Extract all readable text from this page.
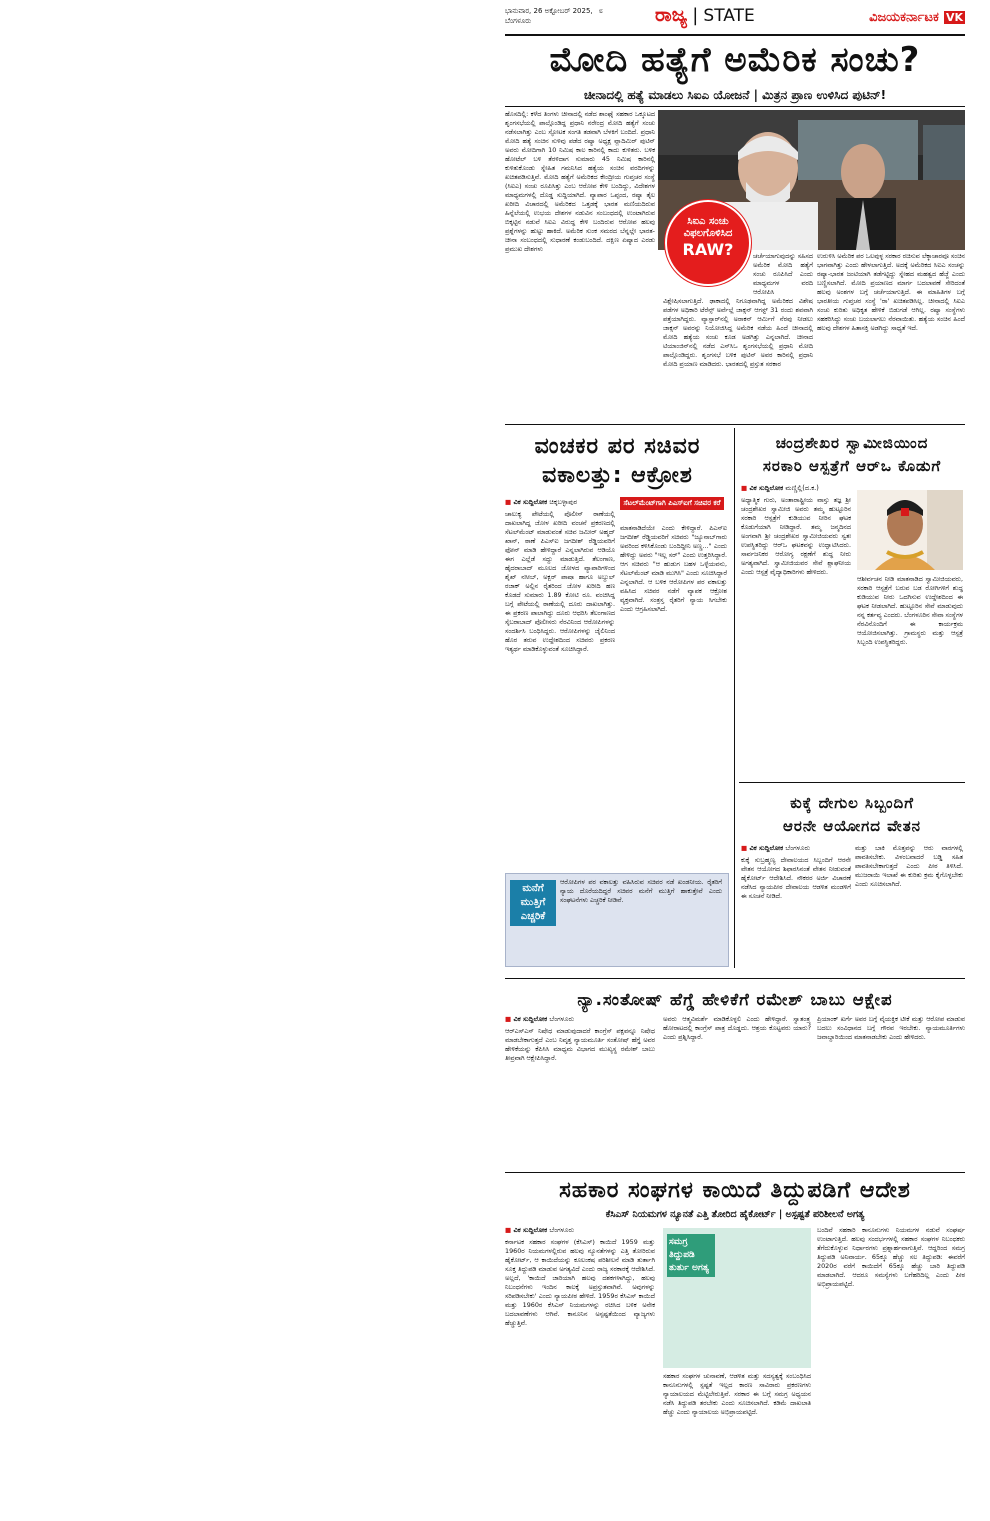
ಭಾನುವಾರ, 26 ಅಕ್ಟೋಬರ್ 2025, ೮
ಬೆಂಗಳೂರು	ರಾಜ್ಯ | STATE	ವಿಜಯಕರ್ನಾಟಕ VK
ಮೋದಿ ಹತ್ಯೆಗೆ ಅಮೆರಿಕ ಸಂಚು?
ಚೀನಾದಲ್ಲಿ ಹತ್ಯೆ ಮಾಡಲು ಸಿಐಎ ಯೋಜನೆ | ಮಿತ್ರನ ಪ್ರಾಣ ಉಳಿಸಿದ ಪುಟಿನ್!
ಹೊಸದಿಲ್ಲಿ: ಕಳೆದ ತಿಂಗಳು ಚೀನಾದಲ್ಲಿ ನಡೆದ ಶಾಂಘೈ ಸಹಕಾರ ಒಕ್ಕೂಟದ ಶೃಂಗಸಭೆಯಲ್ಲಿ ಪಾಲ್ಗೊಂಡಿದ್ದ ಪ್ರಧಾನಿ ನರೇಂದ್ರ ಮೋದಿ ಹತ್ಯೆಗೆ ಸಂಚು ನಡೆಸಲಾಗಿತ್ತು ಎಂಬ ಸ್ಫೋಟಕ ಸಂಗತಿ ತಡವಾಗಿ ಬೆಳಕಿಗೆ ಬಂದಿದೆ. ಪ್ರಧಾನಿ ಮೋದಿ ಹತ್ಯೆ ಸಂಚಿನ ಸುಳಿವು ಪಡೆದ ರಷ್ಯಾ ಅಧ್ಯಕ್ಷ ವ್ಲಾದಿಮಿರ್ ಪುಟಿನ್ ಅವರು ಮೋದಿಗಾಗಿ 10 ನಿಮಿಷ ಕಾಲ ಕಾರಿನಲ್ಲಿ ಕಾದು ಕುಳಿತರು. ಬಳಿಕ ಹೋಟೆಲ್ ಬಳಿ ತೆರಳಿದಾಗ ಸುಮಾರು 45 ನಿಮಿಷ ಕಾರಿನಲ್ಲಿ ಕುಳಿತುಕೊಂಡು ಸ್ನೇಹಿತ ಗಮನಿಸಿದ ಹತ್ಯೆಯ ಸಂಚಿನ ವರದಿಗಳನ್ನು ಖಚಿತಪಡಿಸುತ್ತಿವೆ. ಮೋದಿ ಹತ್ಯೆಗೆ ಅಮೆರಿಕದ ಕೇಂದ್ರೀಯ ಗುಪ್ತಚರ ಸಂಸ್ಥೆ (ಸಿಐಎ) ಸಂಚು ರೂಪಿಸಿತ್ತು ಎಂಬ ಆರೋಪ ಕೇಳಿ ಬಂದಿದ್ದು, ವಿದೇಶಗಳ ಮಾಧ್ಯಮಗಳಲ್ಲಿ ದೊಡ್ಡ ಸುದ್ದಿಯಾಗಿದೆ. ವ್ಯಾಪಾರ ಒಪ್ಪಂದ, ರಷ್ಯಾ ತೈಲ ಖರೀದಿ ವಿಚಾರದಲ್ಲಿ ಅಮೆರಿಕದ ಒತ್ತಡಕ್ಕೆ ಭಾರತ ಮಣಿಯದಿರುವ ಹಿನ್ನೆಲೆಯಲ್ಲಿ ಉಭಯ ದೇಶಗಳ ನಡುವಿನ ಸಂಬಂಧದಲ್ಲಿ ಉಂಟಾಗಿರುವ ಬಿಕ್ಕಟ್ಟಿನ ನಡುವೆ ಸಿಐಎ ವಿರುದ್ಧ ಕೇಳಿ ಬಂದಿರುವ ಆರೋಪ ಹಲವು ಪ್ರಶ್ನೆಗಳನ್ನು ಹುಟ್ಟು ಹಾಕಿದೆ. ಅಮೆರಿಕ ಸುಂಕ ಸಮರದ ಬೆನ್ನಲ್ಲೇ ಭಾರತ-ಚೀನಾ ಸಂಬಂಧದಲ್ಲಿ ಸುಧಾರಣೆ ಕಂಡುಬಂದಿದೆ. ದಕ್ಷಿಣ ಏಷ್ಯಾದ ಎರಡು ಪ್ರಮುಖ ದೇಶಗಳು
ಸಿಐಎ ಸಂಚು
ವಿಫಲಗೊಳಿಸಿದ
RAW?	ಚರ್ಚೆಯಾಗುವುದನ್ನು ಸಹಿಸದ ಅಮೆರಿಕ ಮೋದಿ ಹತ್ಯೆಗೆ ಸಂಚು ರೂಪಿಸಿದೆ ಎಂದು ಮಾಧ್ಯಮಗಳ ವರದಿ ಆರೋಪಿಸಿ ವಿಶ್ಲೇಷಿಸಲಾಗುತ್ತಿದೆ. ಢಾಕಾದಲ್ಲಿ ನಿಗೂಢವಾಗಿದ್ದ ಅಮೆರಿಕದ ವಿಶೇಷ ಪಡೆಗಳ ಅಧಿಕಾರಿ ಟೆರೆನ್ಸ್ ಅರ್ವೆಲ್ಲೆ ಜಾಕ್ಸನ್ ಆಗಸ್ಟ್ 31 ರಂದು ಶವವಾಗಿ ಪತ್ತೆಯಾಗಿದ್ದರು. ವ್ಯಾಸ್ಪಾರ್‌ನಲ್ಲಿ ಅರಾಕನ್ ಆರ್ಮಿಗೆ ನೆರವು ನೀಡಲು ಜಾಕ್ಸನ್ ಅವರನ್ನು ನಿಯೋಜಿಸಿದ್ದ ಅಮೆರಿಕ ನಡೆಯ ಹಿಂದೆ ಚೀನಾದಲ್ಲಿ ಮೋದಿ ಹತ್ಯೆಯ ಸಂಚು ಕೂಡ ಅಡಗಿತ್ತು ಎನ್ನಲಾಗಿದೆ. ಚೀನಾದ ಟಿಯಾಂಜಿನ್‌ನಲ್ಲಿ ನಡೆದ ಎಸ್‌ಸಿಒ ಶೃಂಗಸಭೆಯಲ್ಲಿ ಪ್ರಧಾನಿ ಮೋದಿ ಪಾಲ್ಗೊಂಡಿದ್ದರು. ಶೃಂಗಸಭೆ ಬಳಿಕ ಪುಟಿನ್ ಅವರ ಕಾರಿನಲ್ಲಿ ಪ್ರಧಾನಿ ಮೋದಿ ಪ್ರಯಾಣ ಮಾಡಿದರು. ಭಾರತದಲ್ಲಿ ಪ್ರಸ್ತುತ ಸರಕಾರ
ಉರುಳಿಸಿ ಅಮೆರಿಕ ಪರ ಒಲವುಳ್ಳ ಸರಕಾರ ರಚಿಸುವ ಲೆಕ್ಕಾಚಾರವೂ ಸಂಚಿನ ಭಾಗವಾಗಿತ್ತು ಎಂದು ಹೇಳಲಾಗುತ್ತಿದೆ. ಅದಕ್ಕೆ ಅಮೆರಿಕದ ಸಿಐಎ ಸಂಚನ್ನು ರಷ್ಯಾ-ಭಾರತ ಜಂಟಿಯಾಗಿ ತಡೆಗಟ್ಟಿದ್ದು ಸ್ನೇಹದ ಮಹತ್ವದ ಹೆಜ್ಜೆ ಎಂದು ಬಣ್ಣಿಸಲಾಗಿದೆ. ಮೋದಿ ಪ್ರಯಾಣದ ಮಾರ್ಗ ಬದಲಾವಣೆ ಸೇರಿದಂತೆ ಹಲವು ಅಂಶಗಳ ಬಗ್ಗೆ ಚರ್ಚೆಯಾಗುತ್ತಿದೆ. ಈ ಮಾಹಿತಿಗಳ ಬಗ್ಗೆ ಭಾರತೀಯ ಗುಪ್ತಚರ ಸಂಸ್ಥೆ 'ರಾ' ಖಚಿತಪಡಿಸಿಲ್ಲ. ಚೀನಾದಲ್ಲಿ ಸಿಐಎ ಸಂಚು ಕುರಿತು ಅಧಿಕೃತ ಹೇಳಿಕೆ ಬಿಡುಗಡೆ ಆಗಿಲ್ಲ. ರಷ್ಯಾ ಸಂಸ್ಥೆಗಳು ಸಹಕರಿಸಿದ್ದು ಸಂಚು ಬಯಲಾಗಲು ನೆರವಾಯಿತು. ಹತ್ಯೆಯ ಸಂಚಿನ ಹಿಂದೆ ಹಲವು ದೇಶಗಳ ಹಿತಾಸಕ್ತಿ ಅಡಗಿದ್ದು ಸಾಧ್ಯತೆ ಇದೆ.
ವಂಚಕರ ಪರ ಸಚಿವರ
ವಕಾಲತ್ತು: ಆಕ್ರೋಶ
■ ವಿಕ ಸುದ್ದಿಲೋಕ ಚಿಕ್ಕಬಳ್ಳಾಪುರ	ಸೆಟಲ್‌ಮೆಂಟ್‌ಗಾಗಿ ಪಿಎಸ್‌ಐಗೆ ಸಚಿವರ ಕರೆ
ಚಾಲುಕ್ಯ ಪೇಟೆಯಲ್ಲಿ ಪೊಲೀಸ್ ಠಾಣೆಯಲ್ಲಿ ದಾಖಲಾಗಿದ್ದ ಜೋಳ ಖರೀದಿ ವಂಚನೆ ಪ್ರಕರಣದಲ್ಲಿ ಸೆಟಲ್‌ಮೆಂಟ್ ಮಾಡುವಂತೆ ಸಚಿವ ಜಮೀರ್ ಅಹ್ಮದ್ ಖಾನ್, ಠಾಣೆ ಪಿಎಸ್‌ಐ ಜಗದೀಶ್ ರೆಡ್ಡಿಯವರಿಗೆ ಫೋನ್ ಮಾಡಿ ಹೇಳಿದ್ದಾರೆ ಎನ್ನಲಾಗಿರುವ ಆಡಿಯೊ ಈಗ ಎಲ್ಲೆಡೆ ಸದ್ದು ಮಾಡುತ್ತಿದೆ. ತೆಲಂಗಾಣ, ಹೈದರಾಬಾದ್ ಮೂಲದ ಜೋಳದ ವ್ಯಾಪಾರಿಗಳಿಂದ ಶೈಖ್ ನಸೀಬ್, ಅಕ್ಬರ್ ಪಾಷಾ ಹಾಗೂ ಅಬ್ದುಲ್ ರಜಾಕ್ ಅಲ್ಲಿನ ರೈತರಿಂದ ಜೋಳ ಖರೀದಿ ಹಣ ಕೊಡದೆ ಸುಮಾರು 1.89 ಕೋಟಿ ರೂ. ವಂಚಿಸಿದ್ದ ಬಗ್ಗೆ ಪೇಟೆಯಲ್ಲಿ ಠಾಣೆಯಲ್ಲಿ ದೂರು ದಾಖಲಾಗಿತ್ತು. ಈ ಪ್ರಕರಣ ಪಾಲಾಗಿದ್ದು ದೂರು ಆಧರಿಸಿ ತೆಲಂಗಾಣದ ಸೈಬರಾಬಾದ್ ಪೊಲೀಸರು ನೆರವಿನಿಂದ ಆರೋಪಿಗಳನ್ನು ಸಂದರ್ಶಿಸಿ ಬಂಧಿಸಿದ್ದರು. ಆರೋಪಿಗಳನ್ನು ಜೈಲಿನಿಂದ ಹೊರ ತರುವ ಉದ್ದೇಶದಿಂದ ಸಚಿವರು ಪ್ರಕರಣ ಇತ್ಯರ್ಥ ಮಾಡಿಕೊಳ್ಳುವಂತೆ ಸೂಚಿಸಿದ್ದಾರೆ.
ಮಾತನಾಡಿದೆಯೇ ಎಂದು ಕೇಳಿದ್ದಾರೆ. ಪಿಎಸ್‌ಐ ಜಗದೀಶ್ ರೆಡ್ಡಿಯವರಿಗೆ ಸಚಿವರು "ಜ್ಯೂನಾಬ್‌ಗಾರು ಅವರಿಂದ ಕಳಿಸಿಕೊಂಡು ಬಂದಿದ್ದೀನಿ ಅಣ್ಣ..." ಎಂದು ಹೇಳಿದ್ದು ಅವರು "ಇಲ್ಲ ಸರ್" ಎಂದು ಉತ್ತರಿಸಿದ್ದಾರೆ. ಆಗ ಸಚಿವರು "ಆ ಹುಡುಗ ಬಹಳ ಒಳ್ಳೆಯವನು, ಸೆಟಲ್‌ಮೆಂಟ್ ಮಾಡಿ ಮುಗಿಸಿ" ಎಂದು ಸೂಚಿಸಿದ್ದಾರೆ ಎನ್ನಲಾಗಿದೆ. ಆ ಬಳಿಕ ಆರೋಪಿಗಳ ಪರ ವಕಾಲತ್ತು ವಹಿಸಿದ ಸಚಿವರ ನಡೆಗೆ ವ್ಯಾಪಕ ಆಕ್ರೋಶ ವ್ಯಕ್ತವಾಗಿದೆ. ಸಂತ್ರಸ್ತ ರೈತರಿಗೆ ನ್ಯಾಯ ಸಿಗಬೇಕು ಎಂದು ಆಗ್ರಹಿಸಲಾಗಿದೆ.
ಮನೆಗೆ ಮುತ್ತಿಗೆ ಎಚ್ಚರಿಕೆ
ಆರೋಪಿಗಳ ಪರ ವಕಾಲತ್ತು ವಹಿಸಿರುವ ಸಚಿವರ ನಡೆ ಖಂಡನೀಯ. ರೈತರಿಗೆ ನ್ಯಾಯ ದೊರೆಯದಿದ್ದರೆ ಸಚಿವರ ಮನೆಗೆ ಮುತ್ತಿಗೆ ಹಾಕುತ್ತೇವೆ ಎಂದು ಸಂಘಟನೆಗಳು ಎಚ್ಚರಿಕೆ ನೀಡಿವೆ.
ಚಂದ್ರಶೇಖರ ಸ್ವಾಮೀಜಿಯಿಂದ
ಸರಕಾರಿ ಆಸ್ಪತ್ರೆಗೆ ಆರ್‌ಒ ಕೊಡುಗೆ
■ ವಿಕ ಸುದ್ದಿಲೋಕ ಮಣ್ಣಿಲ್ಲಿ(ದ.ಕ.)
ಅಧ್ಯಾತ್ಮಿಕ ಗುರು, ಅಂತಾರಾಷ್ಟ್ರೀಯ ವಾಸ್ತು ತಜ್ಞ ಶ್ರೀ ಚಂದ್ರಶೇಖರ ಸ್ವಾಮೀಜಿ ಅವರು ತಮ್ಮ ಹುಟ್ಟೂರಿನ ಸರಕಾರಿ ಆಸ್ಪತ್ರೆಗೆ ಕುಡಿಯುವ ನೀರಿನ ಘಟಕ ಕೊಡುಗೆಯಾಗಿ ನೀಡಿದ್ದಾರೆ. ತಮ್ಮ ಜನ್ಮದಿನದ ಅಂಗವಾಗಿ ಶ್ರೀ ಚಂದ್ರಶೇಖರ ಸ್ವಾಮೀಜಿಯವರು ಸ್ವತಃ ಉಪಸ್ಥಿತರಿದ್ದು ಆರ್‌ಒ ಘಟಕವನ್ನು ಉದ್ಘಾಟಿಸಿದರು. ಸಾರ್ವಜನಿಕರ ಆರೋಗ್ಯ ರಕ್ಷಣೆಗೆ ಶುದ್ಧ ನೀರು ಅಗತ್ಯವಾಗಿದೆ. ಸ್ವಾಮೀಜಿಯವರ ಸೇವೆ ಶ್ಲಾಘನೀಯ ಎಂದು ಆಸ್ಪತ್ರೆ ವೈದ್ಯಾಧಿಕಾರಿಗಳು ಹೇಳಿದರು.
ಆಶೀರ್ವಚನ ನೀಡಿ ಮಾತನಾಡಿದ ಸ್ವಾಮೀಜಿಯವರು, ಸರಕಾರಿ ಆಸ್ಪತ್ರೆಗೆ ಬರುವ ಬಡ ರೋಗಿಗಳಿಗೆ ಶುದ್ಧ ಕುಡಿಯುವ ನೀರು ಒದಗಿಸುವ ಉದ್ದೇಶದಿಂದ ಈ ಘಟಕ ನೀಡಲಾಗಿದೆ. ಹುಟ್ಟೂರಿನ ಸೇವೆ ಮಾಡುವುದು ನನ್ನ ಕರ್ತವ್ಯ ಎಂದರು. ಬೆಂಗಳೂರಿನ ಸೇವಾ ಸಂಸ್ಥೆಗಳ ನೆರವಿನೊಂದಿಗೆ ಈ ಕಾರ್ಯಕ್ರಮ ಆಯೋಜಿಸಲಾಗಿತ್ತು. ಗ್ರಾಮಸ್ಥರು ಮತ್ತು ಆಸ್ಪತ್ರೆ ಸಿಬ್ಬಂದಿ ಉಪಸ್ಥಿತರಿದ್ದರು.
ಕುಕ್ಕೆ ದೇಗುಲ ಸಿಬ್ಬಂದಿಗೆ
ಆರನೇ ಆಯೋಗದ ವೇತನ
■ ವಿಕ ಸುದ್ದಿಲೋಕ ಬೆಂಗಳೂರು
ಕುಕ್ಕೆ ಸುಬ್ರಹ್ಮಣ್ಯ ದೇವಾಲಯದ ಸಿಬ್ಬಂದಿಗೆ ಆರನೇ ವೇತನ ಆಯೋಗದ ಶಿಫಾರಸಿನಂತೆ ವೇತನ ನೀಡುವಂತೆ ಹೈಕೋರ್ಟ್ ಆದೇಶಿಸಿದೆ. ನೌಕರರ ಅರ್ಜಿ ವಿಚಾರಣೆ ನಡೆಸಿದ ನ್ಯಾಯಪೀಠ ದೇವಾಲಯ ಆಡಳಿತ ಮಂಡಳಿಗೆ ಈ ಸೂಚನೆ ನೀಡಿದೆ.
ಮತ್ತು ಬಾಕಿ ಮೊತ್ತವನ್ನು ಆರು ವಾರಗಳಲ್ಲಿ ಪಾವತಿಸಬೇಕು. ವಿಳಂಬವಾದರೆ ಬಡ್ಡಿ ಸಹಿತ ಪಾವತಿಸಬೇಕಾಗುತ್ತದೆ ಎಂದು ಪೀಠ ತಿಳಿಸಿದೆ. ಮುಜರಾಯಿ ಇಲಾಖೆ ಈ ಕುರಿತು ಕ್ರಮ ಕೈಗೊಳ್ಳಬೇಕು ಎಂದು ಸೂಚಿಸಲಾಗಿದೆ.
ನ್ಯಾ.ಸಂತೋಷ್ ಹೆಗ್ಡೆ ಹೇಳಿಕೆಗೆ ರಮೇಶ್ ಬಾಬು ಆಕ್ಷೇಪ
■ ವಿಕ ಸುದ್ದಿಲೋಕ ಬೆಂಗಳೂರು
ಆರ್‌ಎಸ್‌ಎಸ್ ನಿಷೇಧ ಮಾಡುವುದಾದರೆ ಕಾಂಗ್ರೆಸ್ ಪಕ್ಷವನ್ನೂ ನಿಷೇಧ ಮಾಡಬೇಕಾಗುತ್ತದೆ ಎಂಬ ನಿವೃತ್ತ ನ್ಯಾಯಮೂರ್ತಿ ಸಂತೋಷ್ ಹೆಗ್ಡೆ ಅವರ ಹೇಳಿಕೆಯನ್ನು ಕೆಪಿಸಿಸಿ ಮಾಧ್ಯಮ ವಿಭಾಗದ ಮುಖ್ಯಸ್ಥ ರಮೇಶ್ ಬಾಬು ತೀವ್ರವಾಗಿ ಆಕ್ಷೇಪಿಸಿದ್ದಾರೆ.
ಅವರು ಆತ್ಮವಿಮರ್ಶೆ ಮಾಡಿಕೊಳ್ಳಲಿ ಎಂದು ಹೇಳಿದ್ದಾರೆ. ಸ್ವಾತಂತ್ರ್ಯ ಹೋರಾಟದಲ್ಲಿ ಕಾಂಗ್ರೆಸ್ ಪಾತ್ರ ದೊಡ್ಡದು. ಆಶ್ರಯ ಕೊಟ್ಟವರು ಯಾರು? ಎಂದು ಪ್ರಶ್ನಿಸಿದ್ದಾರೆ.
ಪ್ರಿಯಾಂಕ್ ಖರ್ಗೆ ಅವರ ಬಗ್ಗೆ ವೈಯಕ್ತಿಕ ಟೀಕೆ ಮತ್ತು ಆರೋಪ ಮಾಡುವ ಬದಲು ಸಂವಿಧಾನದ ಬಗ್ಗೆ ಗೌರವ ಇರಬೇಕು. ನ್ಯಾಯಮೂರ್ತಿಗಳು ಜವಾಬ್ದಾರಿಯಿಂದ ಮಾತನಾಡಬೇಕು ಎಂದು ಹೇಳಿದರು.
ಸಹಕಾರ ಸಂಘಗಳ ಕಾಯಿದೆ ತಿದ್ದುಪಡಿಗೆ ಆದೇಶ
ಕೆಸಿಎಸ್ ನಿಯಮಗಳ ನ್ಯೂನತೆ ಎತ್ತಿ ತೋರಿದ ಹೈಕೋರ್ಟ್ | ಅಸ್ಪಷ್ಟತೆ ಪರಿಶೀಲನೆ ಅಗತ್ಯ
■ ವಿಕ ಸುದ್ದಿಲೋಕ ಬೆಂಗಳೂರು
ಕರ್ನಾಟಕ ಸಹಕಾರ ಸಂಘಗಳ (ಕೆಸಿಎಸ್) ಕಾಯಿದೆ 1959 ಮತ್ತು 1960ರ ನಿಯಮಗಳಲ್ಲಿರುವ ಹಲವು ನ್ಯೂನತೆಗಳನ್ನು ಎತ್ತಿ ತೋರಿರುವ ಹೈಕೋರ್ಟ್, ಆ ಕಾಯಿದೆಯನ್ನು ಕೂಲಂಕಷ ಪರಿಶೀಲನೆ ಮಾಡಿ ತುರ್ತಾಗಿ ಸೂಕ್ತ ತಿದ್ದುಪಡಿ ಮಾಡುವ ಅಗತ್ಯವಿದೆ ಎಂದು ರಾಜ್ಯ ಸರಕಾರಕ್ಕೆ ಆದೇಶಿಸಿದೆ. ಅಲ್ಲದೆ, 'ಕಾಯಿದೆ ಜಾರಿಯಾಗಿ ಹಲವು ದಶಕಗಳಾಗಿದ್ದು, ಹಲವು ನಿಬಂಧನೆಗಳು ಇಂದಿನ ಕಾಲಕ್ಕೆ ಅಪ್ರಸ್ತುತವಾಗಿವೆ. ಅವುಗಳನ್ನು ಸರಿಪಡಿಸಬೇಕು' ಎಂದು ನ್ಯಾಯಪೀಠ ಹೇಳಿದೆ. 1959ರ ಕೆಸಿಎಸ್ ಕಾಯಿದೆ ಮತ್ತು 1960ರ ಕೆಸಿಎಸ್ ನಿಯಮಗಳನ್ನು ರಚಿಸಿದ ಬಳಿಕ ಅನೇಕ ಬದಲಾವಣೆಗಳು ಆಗಿವೆ. ಕಾನೂನಿನ ಅಸ್ಪಷ್ಟತೆಯಿಂದ ವ್ಯಾಜ್ಯಗಳು ಹೆಚ್ಚುತ್ತಿವೆ.
ಸಮಗ್ರ ತಿದ್ದುಪಡಿ ತುರ್ತು ಅಗತ್ಯ
ಸಹಕಾರ ಸಂಘಗಳ ಚುನಾವಣೆ, ಆಡಳಿತ ಮತ್ತು ಸದಸ್ಯತ್ವಕ್ಕೆ ಸಂಬಂಧಿಸಿದ ಕಾನೂನುಗಳಲ್ಲಿ ಸ್ಪಷ್ಟತೆ ಇಲ್ಲದ ಕಾರಣ ಸಾವಿರಾರು ಪ್ರಕರಣಗಳು ನ್ಯಾಯಾಲಯದ ಮೆಟ್ಟಿಲೇರುತ್ತಿವೆ. ಸರಕಾರ ಈ ಬಗ್ಗೆ ಸಮಗ್ರ ಅಧ್ಯಯನ ನಡೆಸಿ ತಿದ್ದುಪಡಿ ತರಬೇಕು ಎಂದು ಸೂಚಿಸಲಾಗಿದೆ. ಕಡಿಮೆ ದಾಖಲಾತಿ ಹೆಚ್ಚು ಎಂದು ನ್ಯಾಯಾಲಯ ಅಭಿಪ್ರಾಯಪಟ್ಟಿದೆ.
ಬಂದಿವೆ ಸಹಕಾರಿ ಕಾನೂನುಗಳು ನಿಯಮಗಳ ನಡುವೆ ಸಂಘರ್ಷ ಉಂಟಾಗುತ್ತಿದೆ. ಹಲವು ಸಂದರ್ಭಗಳಲ್ಲಿ ಸಹಕಾರ ಸಂಘಗಳ ನಿಬಂಧಕರು ತೆಗೆದುಕೊಳ್ಳುವ ನಿರ್ಧಾರಗಳು ಪ್ರಶ್ನಾರ್ಹವಾಗುತ್ತಿವೆ. ಆದ್ದರಿಂದ ಸಮಗ್ರ ತಿದ್ದುಪಡಿ ಅನಿವಾರ್ಯ. 65ಕ್ಕೂ ಹೆಚ್ಚು ಸಲ ತಿದ್ದುಪಡಿ: ಈವರೆಗೆ 2020ರ ವರೆಗೆ ಕಾಯಿದೆಗೆ 65ಕ್ಕೂ ಹೆಚ್ಚು ಬಾರಿ ತಿದ್ದುಪಡಿ ಮಾಡಲಾಗಿದೆ. ಆದರೂ ಸಮಸ್ಯೆಗಳು ಬಗೆಹರಿದಿಲ್ಲ ಎಂದು ಪೀಠ ಅಭಿಪ್ರಾಯಪಟ್ಟಿದೆ.
